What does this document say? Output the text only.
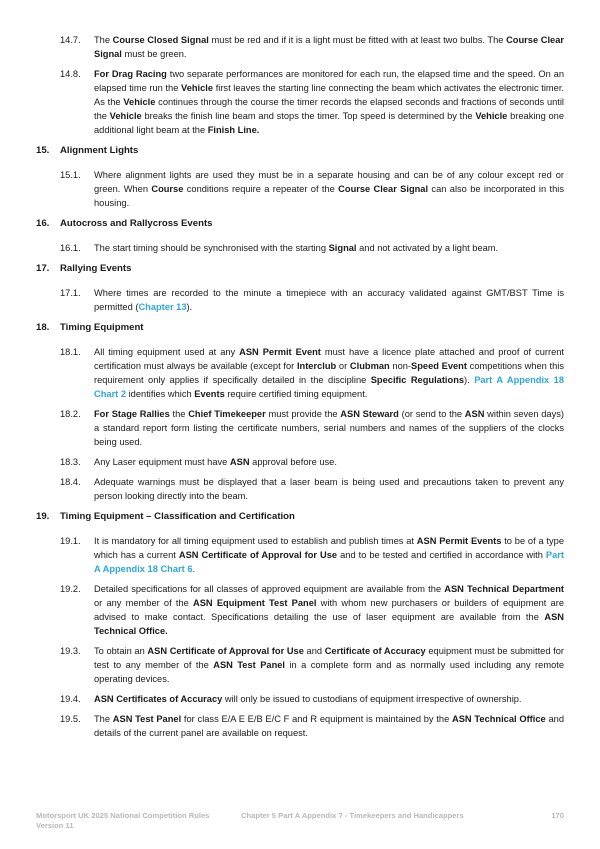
14.7.	The Course Closed Signal must be red and if it is a light must be fitted with at least two bulbs. The Course Clear Signal must be green.
14.8.	For Drag Racing two separate performances are monitored for each run, the elapsed time and the speed. On an elapsed time run the Vehicle first leaves the starting line connecting the beam which activates the electronic timer. As the Vehicle continues through the course the timer records the elapsed seconds and fractions of seconds until the Vehicle breaks the finish line beam and stops the timer. Top speed is determined by the Vehicle breaking one additional light beam at the Finish Line.
15.	Alignment Lights
15.1.	Where alignment lights are used they must be in a separate housing and can be of any colour except red or green. When Course conditions require a repeater of the Course Clear Signal can also be incorporated in this housing.
16.	Autocross and Rallycross Events
16.1.	The start timing should be synchronised with the starting Signal and not activated by a light beam.
17.	Rallying Events
17.1.	Where times are recorded to the minute a timepiece with an accuracy validated against GMT/BST Time is permitted (Chapter 13).
18.	Timing Equipment
18.1.	All timing equipment used at any ASN Permit Event must have a licence plate attached and proof of current certification must always be available (except for Interclub or Clubman non-Speed Event competitions when this requirement only applies if specifically detailed in the discipline Specific Regulations). Part A Appendix 18 Chart 2 identifies which Events require certified timing equipment.
18.2.	For Stage Rallies the Chief Timekeeper must provide the ASN Steward (or send to the ASN within seven days) a standard report form listing the certificate numbers, serial numbers and names of the suppliers of the clocks being used.
18.3.	Any Laser equipment must have ASN approval before use.
18.4.	Adequate warnings must be displayed that a laser beam is being used and precautions taken to prevent any person looking directly into the beam.
19.	Timing Equipment – Classification and Certification
19.1.	It is mandatory for all timing equipment used to establish and publish times at ASN Permit Events to be of a type which has a current ASN Certificate of Approval for Use and to be tested and certified in accordance with Part A Appendix 18 Chart 6.
19.2.	Detailed specifications for all classes of approved equipment are available from the ASN Technical Department or any member of the ASN Equipment Test Panel with whom new purchasers or builders of equipment are advised to make contact. Specifications detailing the use of laser equipment are available from the ASN Technical Office.
19.3.	To obtain an ASN Certificate of Approval for Use and Certificate of Accuracy equipment must be submitted for test to any member of the ASN Test Panel in a complete form and as normally used including any remote operating devices.
19.4.	ASN Certificates of Accuracy will only be issued to custodians of equipment irrespective of ownership.
19.5.	The ASN Test Panel for class E/A E E/B E/C F and R equipment is maintained by the ASN Technical Office and details of the current panel are available on request.
Motorsport UK 2025 National Competition Rules
Version 11
Chapter 5 Part A Appendix 7 - Timekeepers and Handicappers	170
